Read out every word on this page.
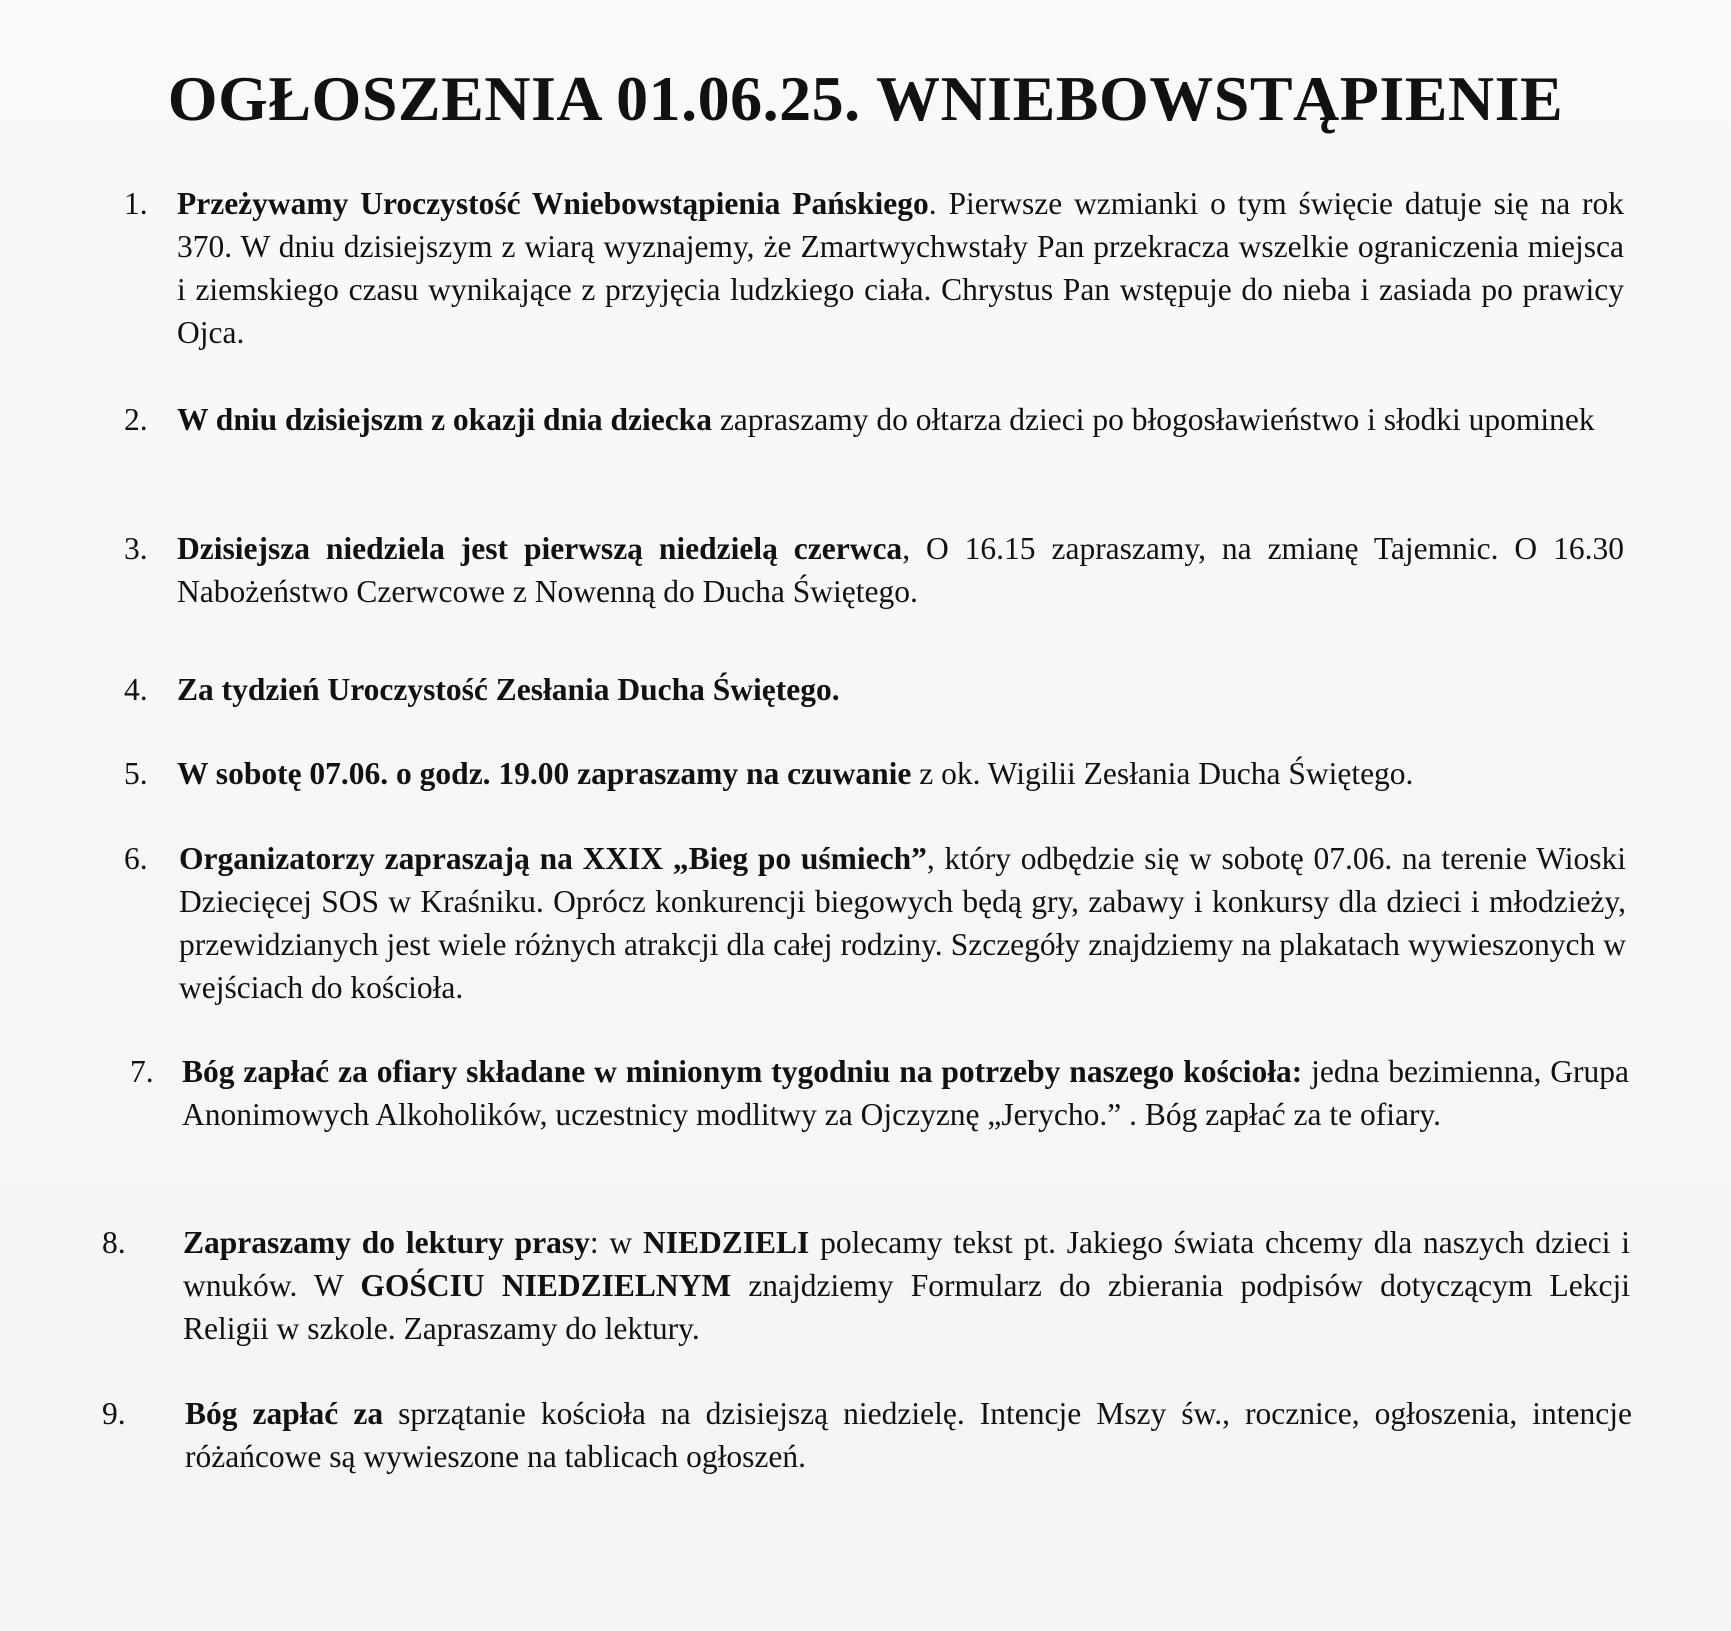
OGŁOSZENIA 01.06.25. WNIEBOWSTĄPIENIE
1. Przeżywamy Uroczystość Wniebowstąpienia Pańskiego. Pierwsze wzmianki o tym święcie datuje się na rok 370. W dniu dzisiejszym z wiarą wyznajemy, że Zmartwychwstały Pan przekracza wszelkie ograniczenia miejsca i ziemskiego czasu wynikające z przyjęcia ludzkiego ciała. Chrystus Pan wstępuje do nieba i zasiada po prawicy Ojca.
2. W dniu dzisiejszm z okazji dnia dziecka zapraszamy do ołtarza dzieci po błogosławieństwo i słodki upominek
3. Dzisiejsza niedziela jest pierwszą niedzielą czerwca, O 16.15 zapraszamy, na zmianę Tajemnic. O 16.30 Nabożeństwo Czerwcowe z Nowenną do Ducha Świętego.
4. Za tydzień Uroczystość Zesłania Ducha Świętego.
5. W sobotę 07.06. o godz. 19.00 zapraszamy na czuwanie z ok. Wigilii Zesłania Ducha Świętego.
6. Organizatorzy zapraszają na XXIX „Bieg po uśmiech”, który odbędzie się w sobotę 07.06. na terenie Wioski Dziecięcej SOS w Kraśniku. Oprócz konkurencji biegowych będą gry, zabawy i konkursy dla dzieci i młodzieży, przewidzianych jest wiele różnych atrakcji dla całej rodziny. Szczegóły znajdziemy na plakatach wywieszonych w wejściach do kościoła.
7. Bóg zapłać za ofiary składane w minionym tygodniu na potrzeby naszego kościoła: jedna bezimienna, Grupa Anonimowych Alkoholików, uczestnicy modlitwy za Ojczyznę „Jerycho.” . Bóg zapłać za te ofiary.
8. Zapraszamy do lektury prasy: w NIEDZIELI polecamy tekst pt. Jakiego świata chcemy dla naszych dzieci i wnuków. W GOŚCIU NIEDZIELNYM znajdziemy Formularz do zbierania podpisów dotyczącym Lekcji Religii w szkole. Zapraszamy do lektury.
9. Bóg zapłać za sprzątanie kościoła na dzisiejszą niedzielę. Intencje Mszy św., rocznice, ogłoszenia, intencje różańcowe są wywieszone na tablicach ogłoszeń.
